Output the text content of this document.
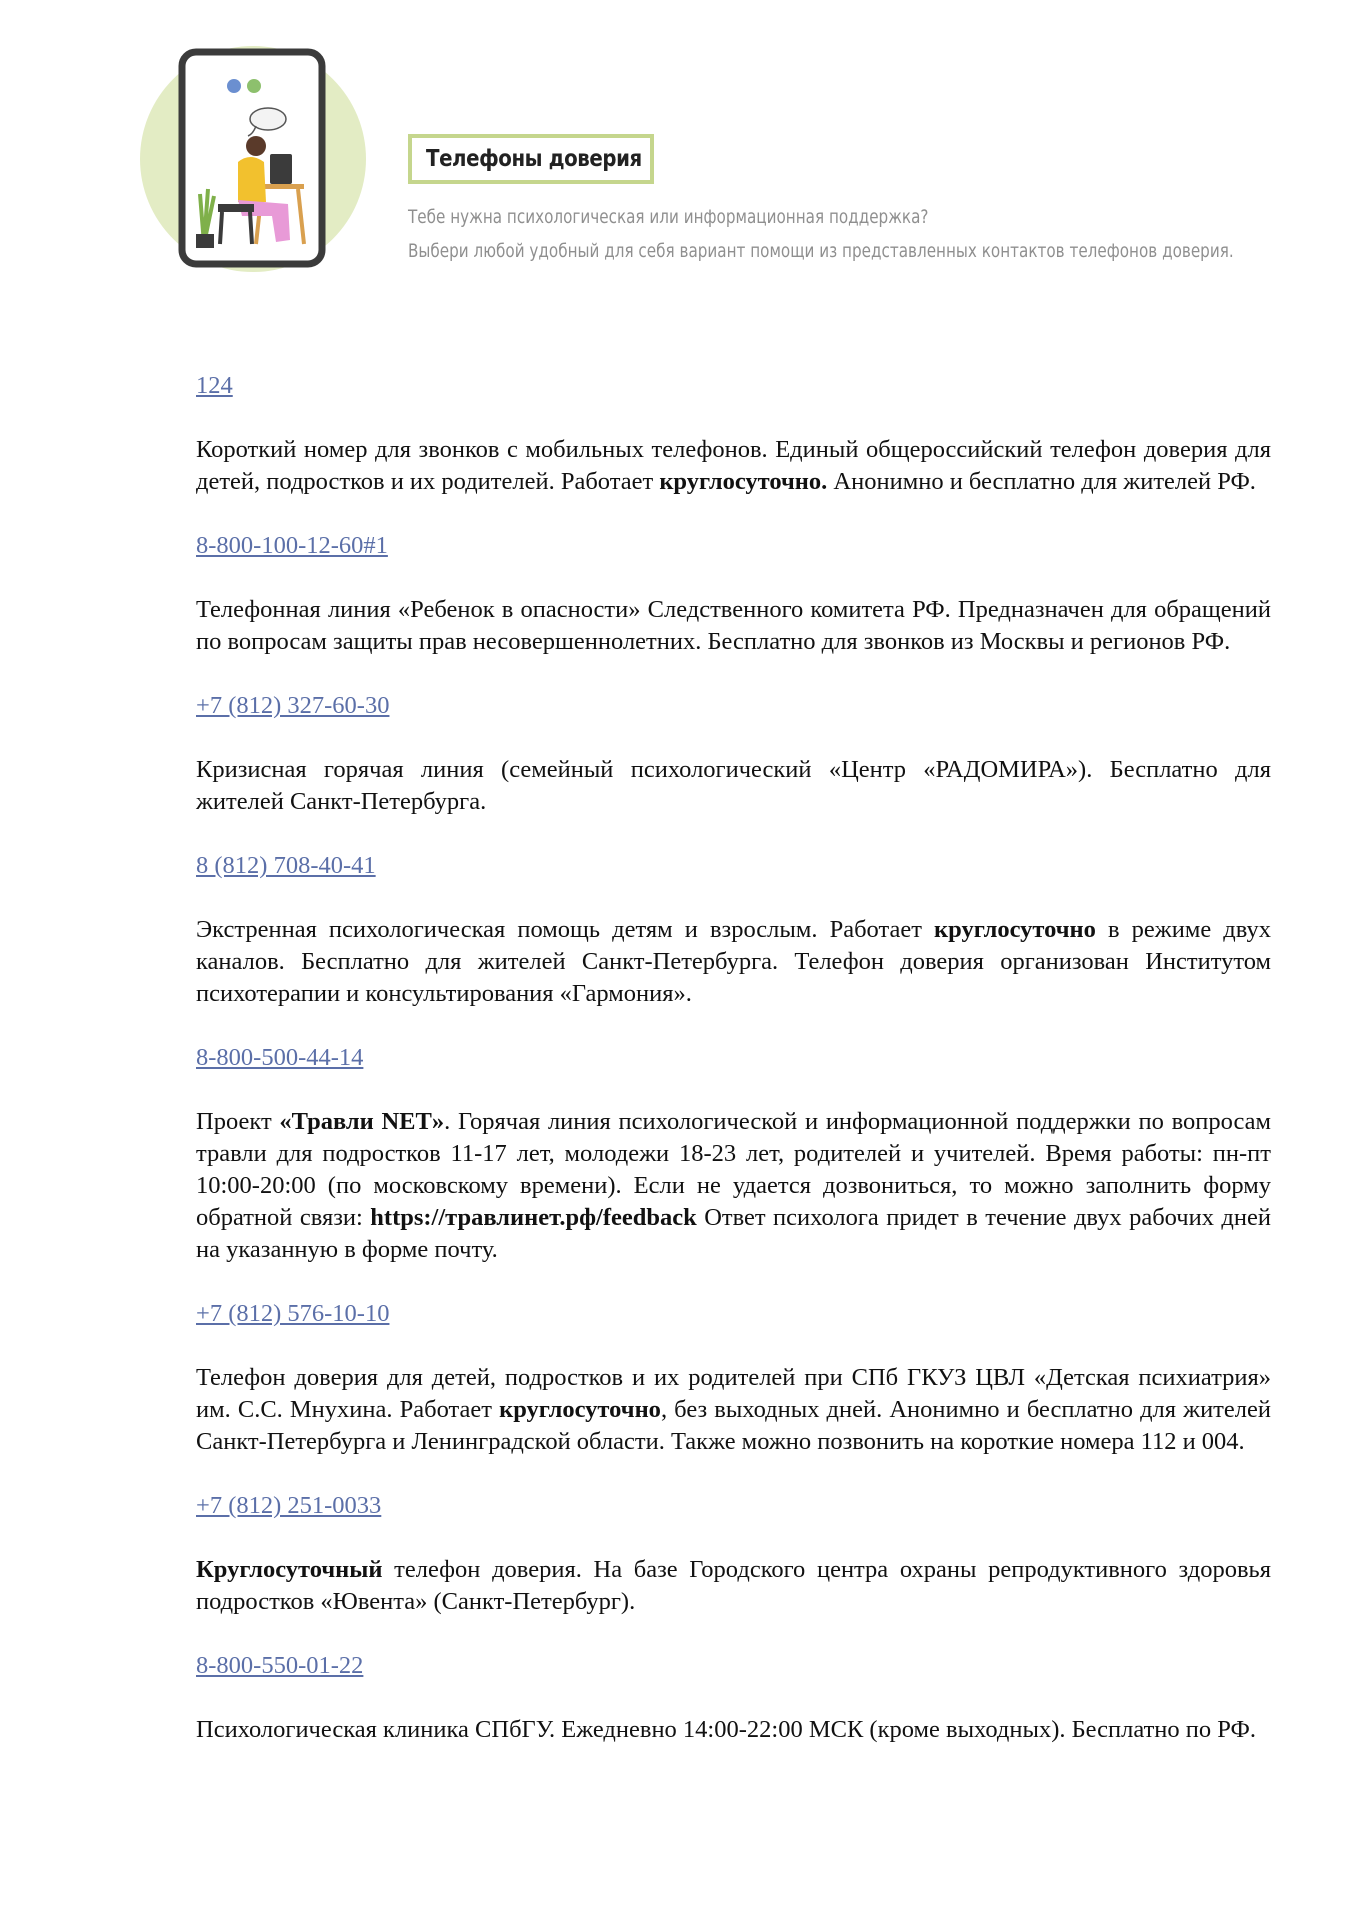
Телефоны доверия
Тебе нужна психологическая или информационная поддержка?
Выбери любой удобный для себя вариант помощи из представленных контактов телефонов доверия.
124

Короткий номер для звонков с мобильных телефонов. Единый общероссийский телефон доверия для детей, подростков и их родителей. Работает круглосуточно. Анонимно и бесплатно для жителей РФ.

8-800-100-12-60#1

Телефонная линия «Ребенок в опасности» Следственного комитета РФ. Предназначен для обращений по вопросам защиты прав несовершеннолетних. Бесплатно для звонков из Москвы и регионов РФ.

+7 (812) 327-60-30

Кризисная горячая линия (семейный психологический «Центр «РАДОМИРА»). Бесплатно для жителей Санкт-Петербурга.

8 (812) 708-40-41

Экстренная психологическая помощь детям и взрослым. Работает круглосуточно в режиме двух каналов. Бесплатно для жителей Санкт-Петербурга. Телефон доверия организован Институтом психотерапии и консультирования «Гармония».

8-800-500-44-14

Проект «Травли NET». Горячая линия психологической и информационной поддержки по вопросам травли для подростков 11-17 лет, молодежи 18-23 лет, родителей и учителей. Время работы: пн-пт 10:00-20:00 (по московскому времени). Если не удается дозвониться, то можно заполнить форму обратной связи: https://травлинет.рф/feedback Ответ психолога придет в течение двух рабочих дней на указанную в форме почту.

+7 (812) 576-10-10

Телефон доверия для детей, подростков и их родителей при СПб ГКУЗ ЦВЛ «Детская психиатрия» им. С.С. Мнухина. Работает круглосуточно, без выходных дней. Анонимно и бесплатно для жителей Санкт-Петербурга и Ленинградской области. Также можно позвонить на короткие номера 112 и 004.

+7 (812) 251-0033

Круглосуточный телефон доверия. На базе Городского центра охраны репродуктивного здоровья подростков «Ювента» (Санкт-Петербург).

8-800-550-01-22

Психологическая клиника СПбГУ. Ежедневно 14:00-22:00 МСК (кроме выходных). Бесплатно по РФ.
